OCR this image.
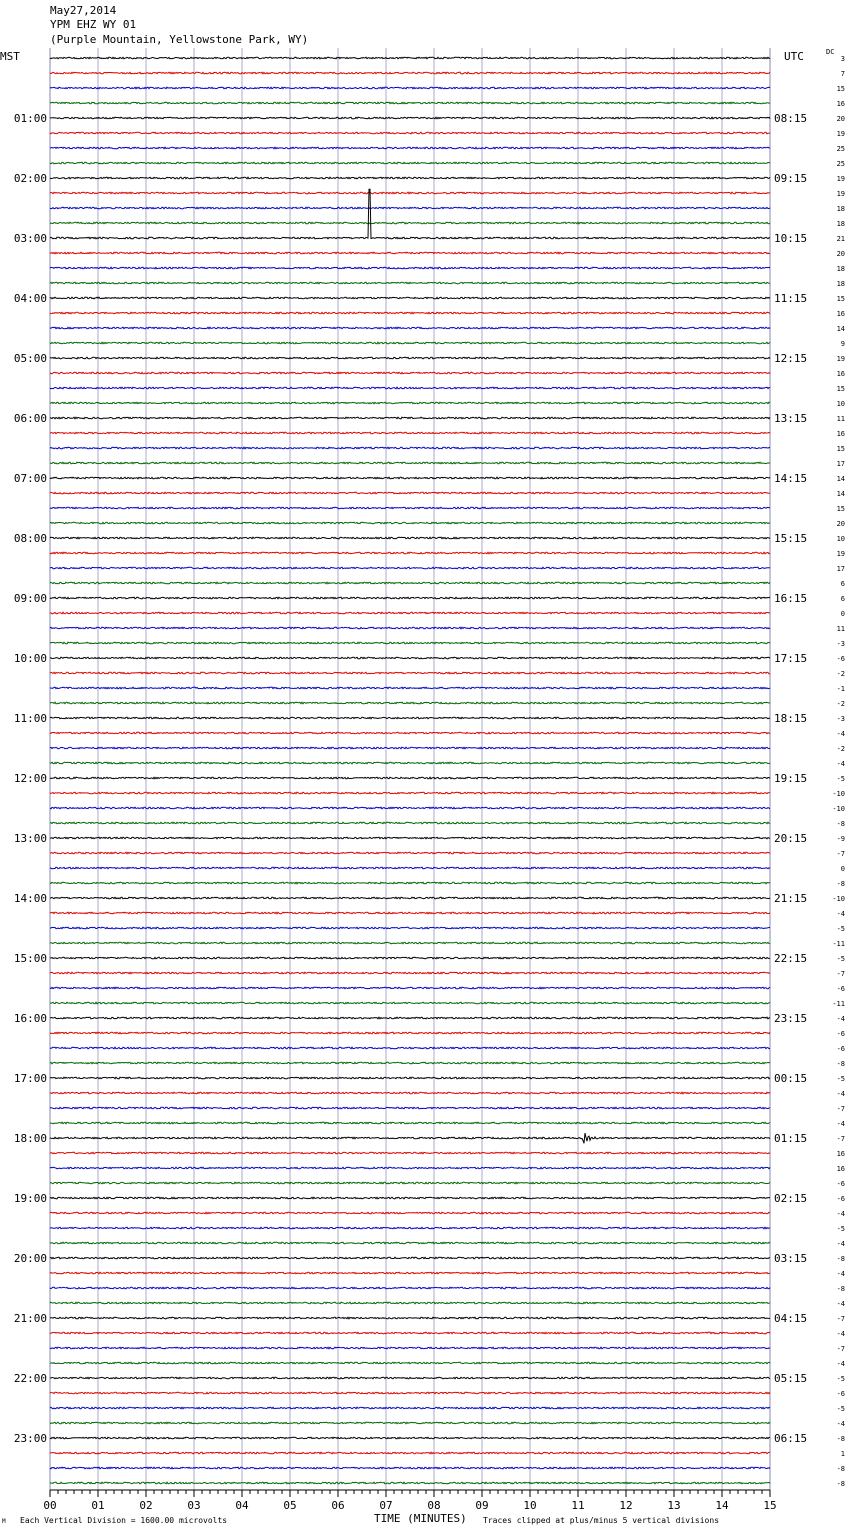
May27,2014
YPM EHZ WY 01
(Purple Mountain, Yellowstone Park, WY)
MST	UTC	DC
01:00
02:00
03:00
04:00
05:00
06:00
07:00
08:00
09:00
10:00
11:00
12:00
13:00
14:00
15:00
16:00
17:00
18:00
19:00
20:00
21:00
22:00
23:00
08:15
09:15
10:15
11:15
12:15
13:15
14:15
15:15
16:15
17:15
18:15
19:15
20:15
21:15
22:15
23:15
00:15
01:15
02:15
03:15
04:15
05:15
06:15
3
7
15
16
20
19
25
25
19
19
18
18
21
20
18
18
15
16
14
9
19
16
15
10
11
16
15
17
14
14
15
20
10
19
17
6
6
0
11
-3
-6
-2
-1
-2
-3
-4
-2
-4
-5
-10
-10
-8
-9
-7
0
-8
-10
-4
-5
-11
-5
-7
-6
-11
-4
-6
-6
-8
-5
-4
-7
-4
-7
16
16
-6
-6
-4
-5
-4
-8
-4
-8
-4
-7
-4
-7
-4
-5
-6
-5
-4
-8
1
-8
-8
00	01	02	03	04	05	06	07	08	09	10	11	12	13	14	15
M Each Vertical Division = 1600.00 microvolts	TIME (MINUTES) Traces clipped at plus/minus 5 vertical divisions
